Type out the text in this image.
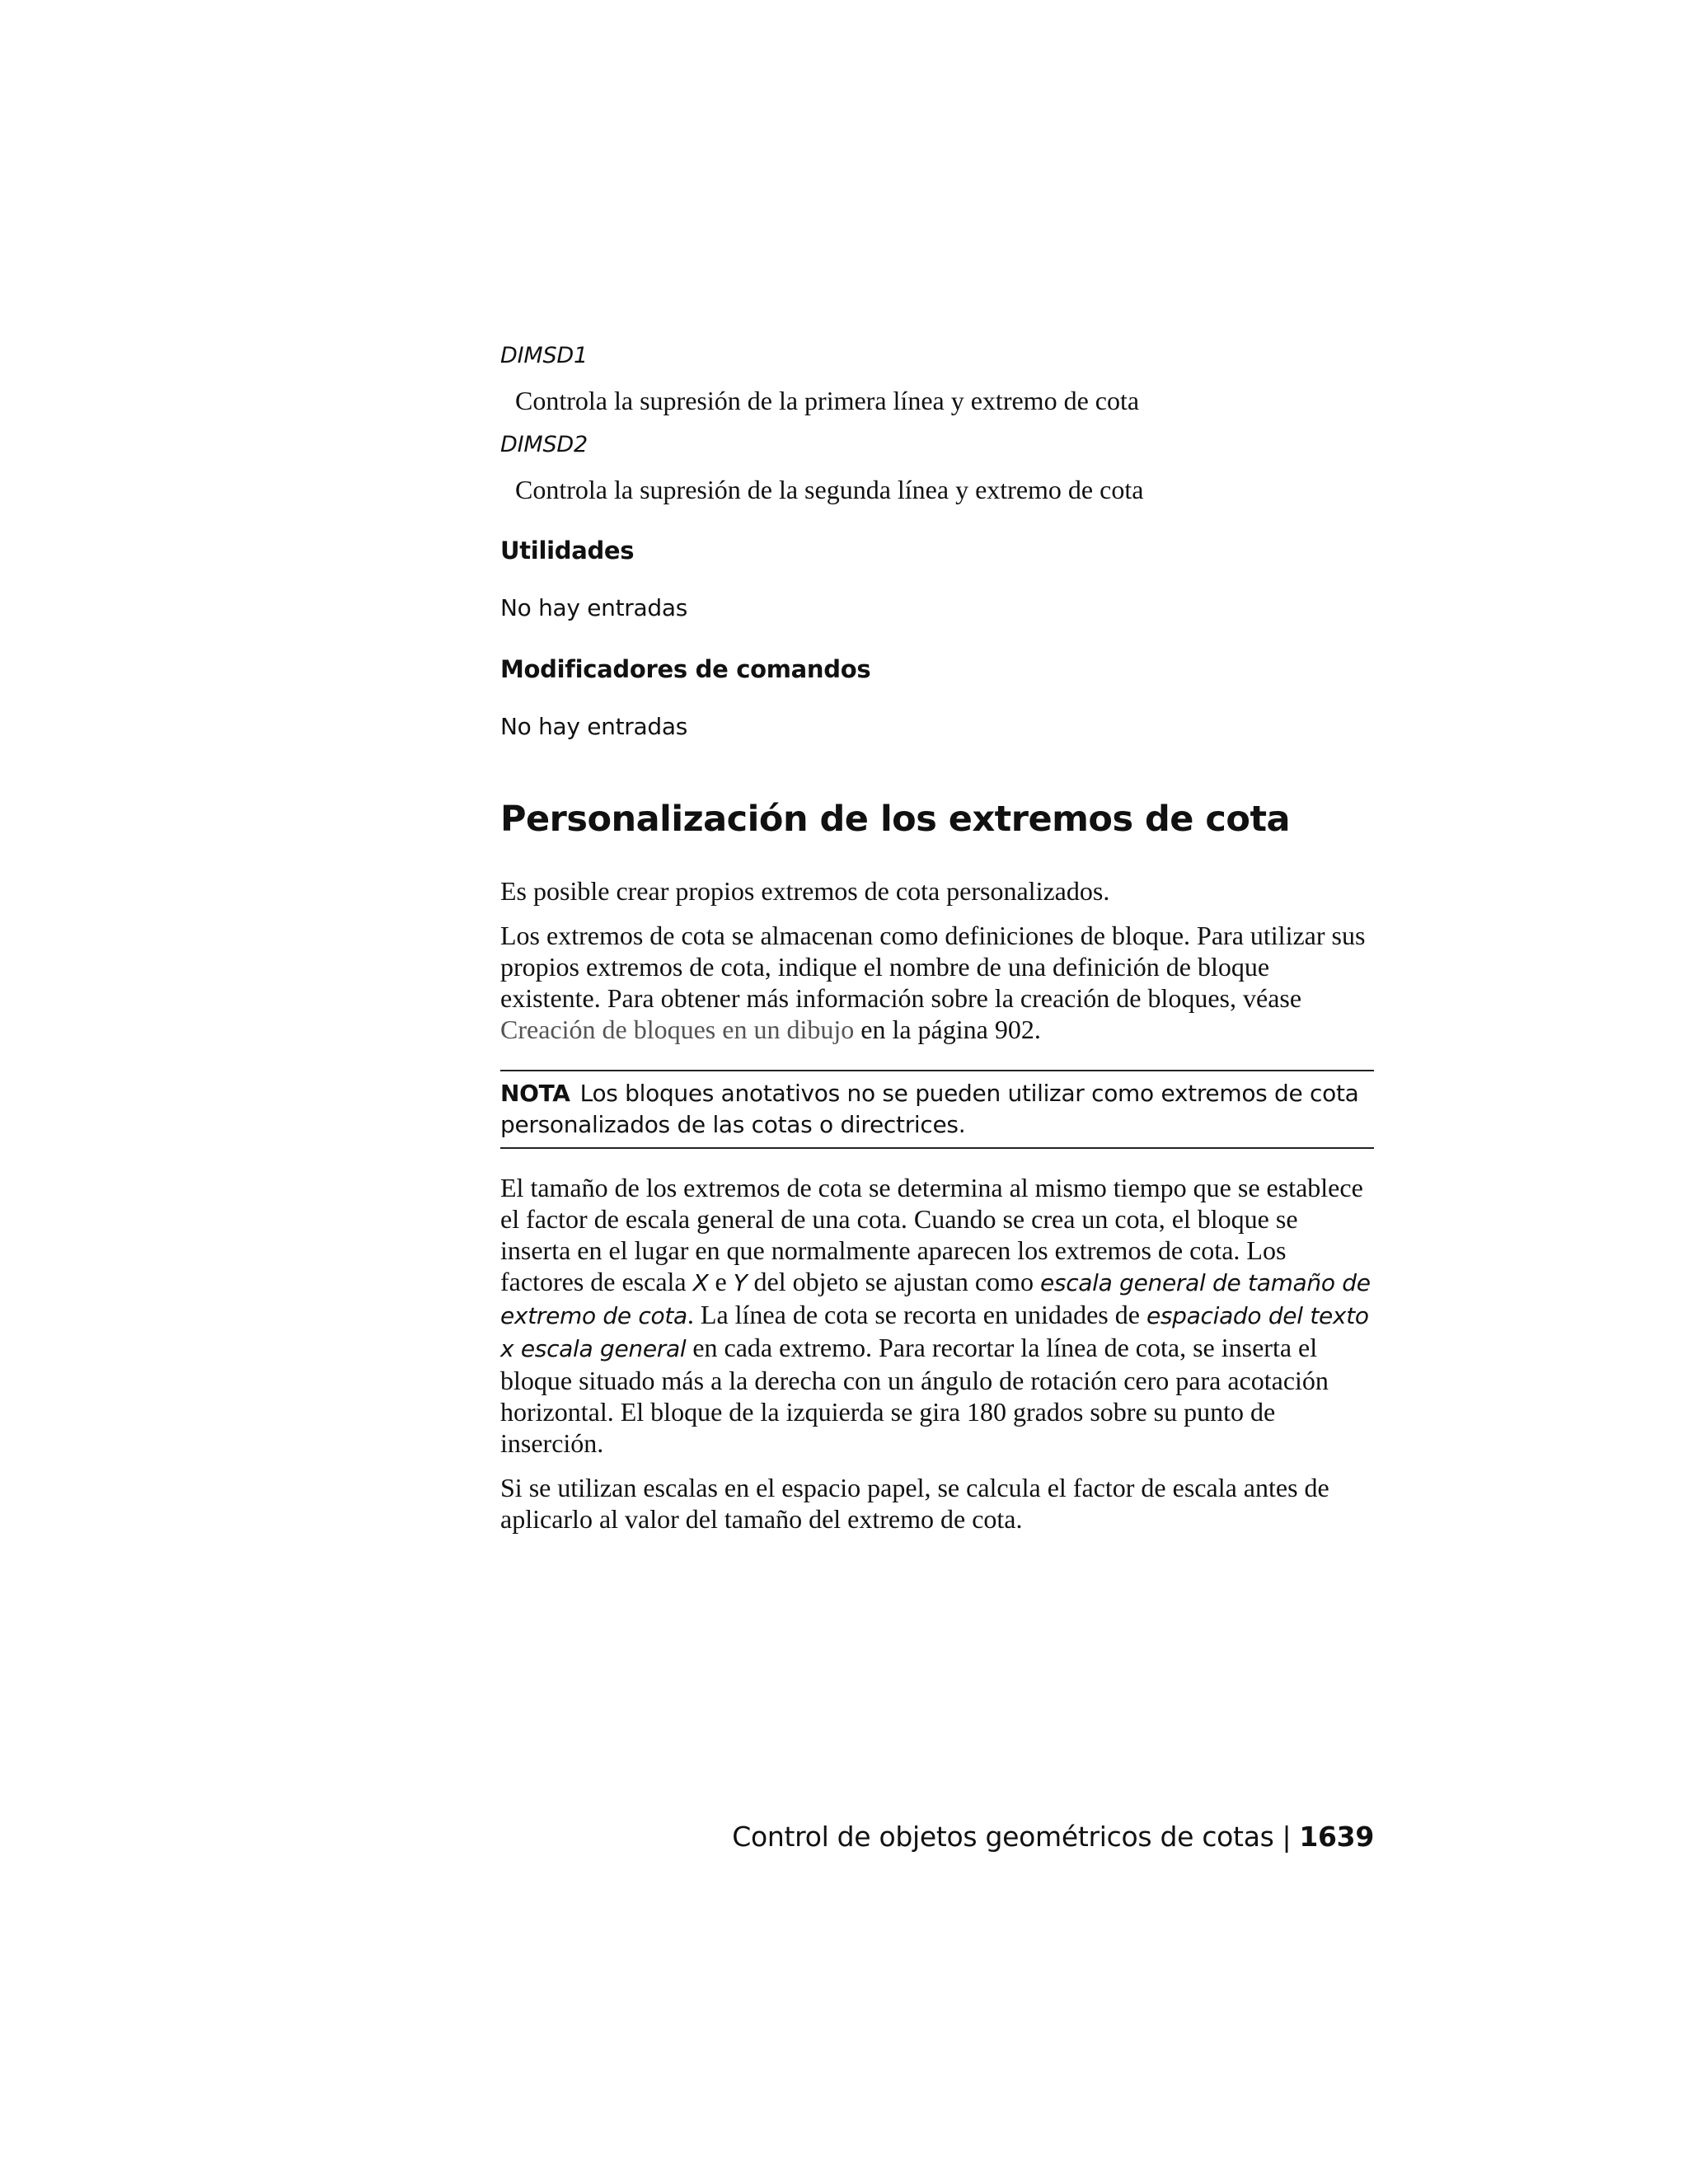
DIMSD1

Controla la supresión de la primera línea y extremo de cota

DIMSD2

Controla la supresión de la segunda línea y extremo de cota

Utilidades

No hay entradas

Modificadores de comandos

No hay entradas

Personalización de los extremos de cota

Es posible crear propios extremos de cota personalizados.

Los extremos de cota se almacenan como definiciones de bloque. Para utilizar sus propios extremos de cota, indique el nombre de una definición de bloque existente. Para obtener más información sobre la creación de bloques, véase Creación de bloques en un dibujo en la página 902.

NOTA Los bloques anotativos no se pueden utilizar como extremos de cota personalizados de las cotas o directrices.

El tamaño de los extremos de cota se determina al mismo tiempo que se establece el factor de escala general de una cota. Cuando se crea un cota, el bloque se inserta en el lugar en que normalmente aparecen los extremos de cota. Los factores de escala X e Y del objeto se ajustan como escala general de tamaño de extremo de cota. La línea de cota se recorta en unidades de espaciado del texto x escala general en cada extremo. Para recortar la línea de cota, se inserta el bloque situado más a la derecha con un ángulo de rotación cero para acotación horizontal. El bloque de la izquierda se gira 180 grados sobre su punto de inserción.

Si se utilizan escalas en el espacio papel, se calcula el factor de escala antes de aplicarlo al valor del tamaño del extremo de cota.

Control de objetos geométricos de cotas | 1639
